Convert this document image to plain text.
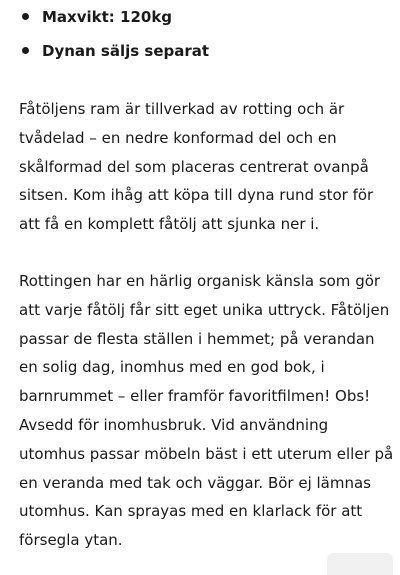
Maxvikt: 120kg
Dynan säljs separat

Fåtöljens ram är tillverkad av rotting och är tvådelad – en nedre konformad del och en skålformad del som placeras centrerat ovanpå sitsen. Kom ihåg att köpa till dyna rund stor för att få en komplett fåtölj att sjunka ner i.

Rottingen har en härlig organisk känsla som gör att varje fåtölj får sitt eget unika uttryck. Fåtöljen passar de flesta ställen i hemmet; på verandan en solig dag, inomhus med en god bok, i barnrummet – eller framför favoritfilmen! Obs! Avsedd för inomhusbruk. Vid användning utomhus passar möbeln bäst i ett uterum eller på en veranda med tak och väggar. Bör ej lämnas utomhus. Kan sprayas med en klarlack för att försegla ytan.
